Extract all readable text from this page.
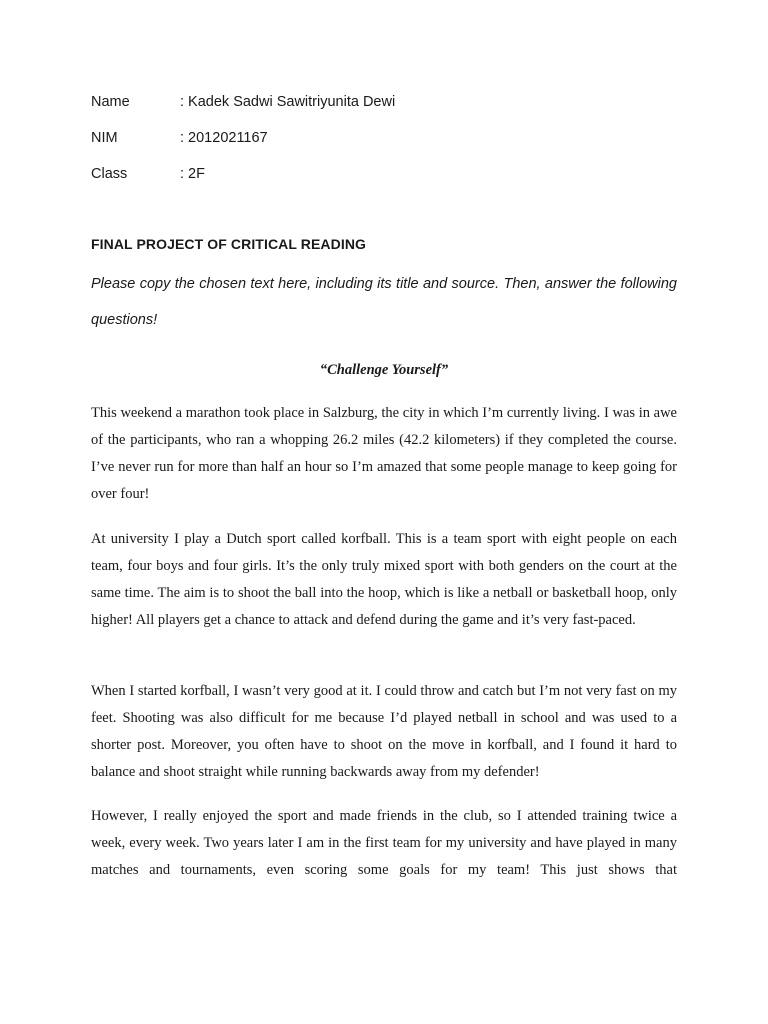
Name	: Kadek Sadwi Sawitriyunita Dewi
NIM	: 2012021167
Class	: 2F
FINAL PROJECT OF CRITICAL READING
Please copy the chosen text here, including its title and source. Then, answer the following questions!
“Challenge Yourself”

This weekend a marathon took place in Salzburg, the city in which I’m currently living. I was in awe of the participants, who ran a whopping 26.2 miles (42.2 kilometers) if they completed the course. I’ve never run for more than half an hour so I’m amazed that some people manage to keep going for over four!

At university I play a Dutch sport called korfball. This is a team sport with eight people on each team, four boys and four girls. It’s the only truly mixed sport with both genders on the court at the same time. The aim is to shoot the ball into the hoop, which is like a netball or basketball hoop, only higher! All players get a chance to attack and defend during the game and it’s very fast-paced.

When I started korfball, I wasn’t very good at it. I could throw and catch but I’m not very fast on my feet. Shooting was also difficult for me because I’d played netball in school and was used to a shorter post. Moreover, you often have to shoot on the move in korfball, and I found it hard to balance and shoot straight while running backwards away from my defender!

However, I really enjoyed the sport and made friends in the club, so I attended training twice a week, every week. Two years later I am in the first team for my university and have played in many matches and tournaments, even scoring some goals for my team! This just shows that
